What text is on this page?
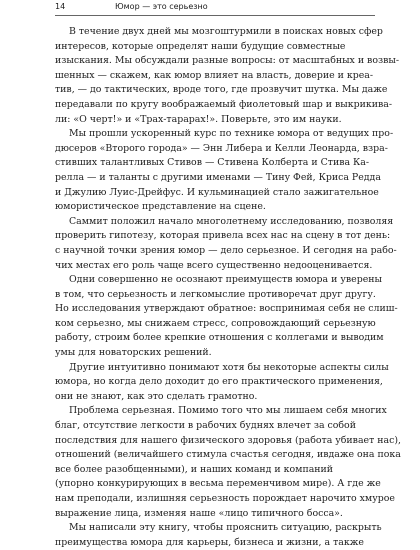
14	Юмор — это серьезно
В течение двух дней мы мозгоштурмили в поисках новых сфер
интересов, которые определят наши будущие совместные
изыскания. Мы обсуждали разные вопросы: от масштабных и возвы-
шенных — скажем, как юмор влияет на власть, доверие и креа-
тив, — до тактических, вроде того, где прозвучит шутка. Мы даже
передавали по кругу воображаемый фиолетовый шар и выкрикива-
ли: «О черт!» и «Трах-тарарах!». Поверьте, это им науки.
Мы прошли ускоренный курс по технике юмора от ведущих про-
дюсеров «Второго города» — Энн Либера и Келли Леонарда, взра-
стивших талантливых Стивов — Стивена Колберта и Стива Ка-
релла — и таланты с другими именами — Тину Фей, Криса Редда
и Джулию Луис-Дрейфус. И кульминацией стало зажигательное
юмористическое представление на сцене.
Саммит положил начало многолетнему исследованию, позволяя
проверить гипотезу, которая привела всех нас на сцену в тот день:
с научной точки зрения юмор — дело серьезное. И сегодня на рабо-
чих местах его роль чаще всего существенно недооценивается.
Одни совершенно не осознают преимуществ юмора и уверены
в том, что серьезность и легкомыслие противоречат друг другу.
Но исследования утверждают обратное: воспринимая себя не слиш-
ком серьезно, мы снижаем стресс, сопровождающий серьезную
работу, строим более крепкие отношения с коллегами и выводим
умы для новаторских решений.
Другие интуитивно понимают хотя бы некоторые аспекты силы
юмора, но когда дело доходит до его практического применения,
они не знают, как это сделать грамотно.
Проблема серьезная. Помимо того что мы лишаем себя многих
благ, отсутствие легкости в рабочих буднях влечет за собой
последствия для нашего физического здоровья (работа убивает нас),
отношений (величайшего стимула счастья сегодня, ивдаже она пока
все более разобщенными), и наших команд и компаний
(упорно конкурирующих в весьма переменчивом мире). А где же
нам преподали, излишняя серьезность порождает нарочито хмурое
выражение лица, изменяя наше «лицо типичного босса».
Мы написали эту книгу, чтобы прояснить ситуацию, раскрыть
преимущества юмора для карьеры, бизнеса и жизни, а также
